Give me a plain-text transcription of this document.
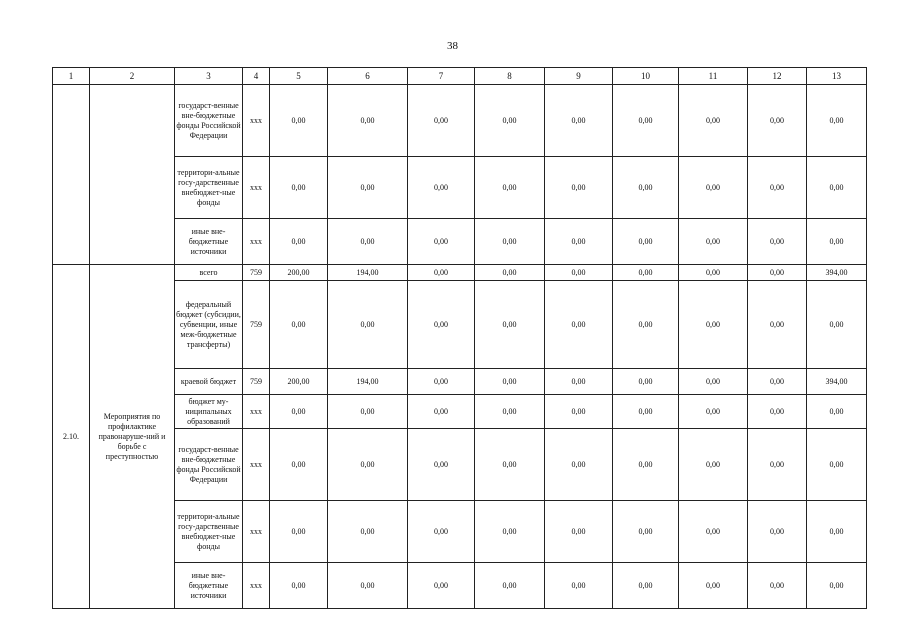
38
1	2	3	4	5	6	7	8	9	10	11	12	13
		государст-венные вне-бюджетные фонды Российской Федерации	xxx	0,00	0,00	0,00	0,00	0,00	0,00	0,00	0,00	0,00
		территори-альные госу-дарственные внебюджет-ные фонды	xxx	0,00	0,00	0,00	0,00	0,00	0,00	0,00	0,00	0,00
		иные вне-бюджетные источники	xxx	0,00	0,00	0,00	0,00	0,00	0,00	0,00	0,00	0,00
2.10.	Мероприятия по профилактике правонаруше-ний и борьбе с преступностью	всего	759	200,00	194,00	0,00	0,00	0,00	0,00	0,00	0,00	394,00
		федеральный бюджет (субсидии, субвенции, иные меж-бюджетные трансферты)	759	0,00	0,00	0,00	0,00	0,00	0,00	0,00	0,00	0,00
		краевой бюджет	759	200,00	194,00	0,00	0,00	0,00	0,00	0,00	0,00	394,00
		бюджет му-ниципальных образований	xxx	0,00	0,00	0,00	0,00	0,00	0,00	0,00	0,00	0,00
		государст-венные вне-бюджетные фонды Российской Федерации	xxx	0,00	0,00	0,00	0,00	0,00	0,00	0,00	0,00	0,00
		территори-альные госу-дарственные внебюджет-ные фонды	xxx	0,00	0,00	0,00	0,00	0,00	0,00	0,00	0,00	0,00
		иные вне-бюджетные источники	xxx	0,00	0,00	0,00	0,00	0,00	0,00	0,00	0,00	0,00
